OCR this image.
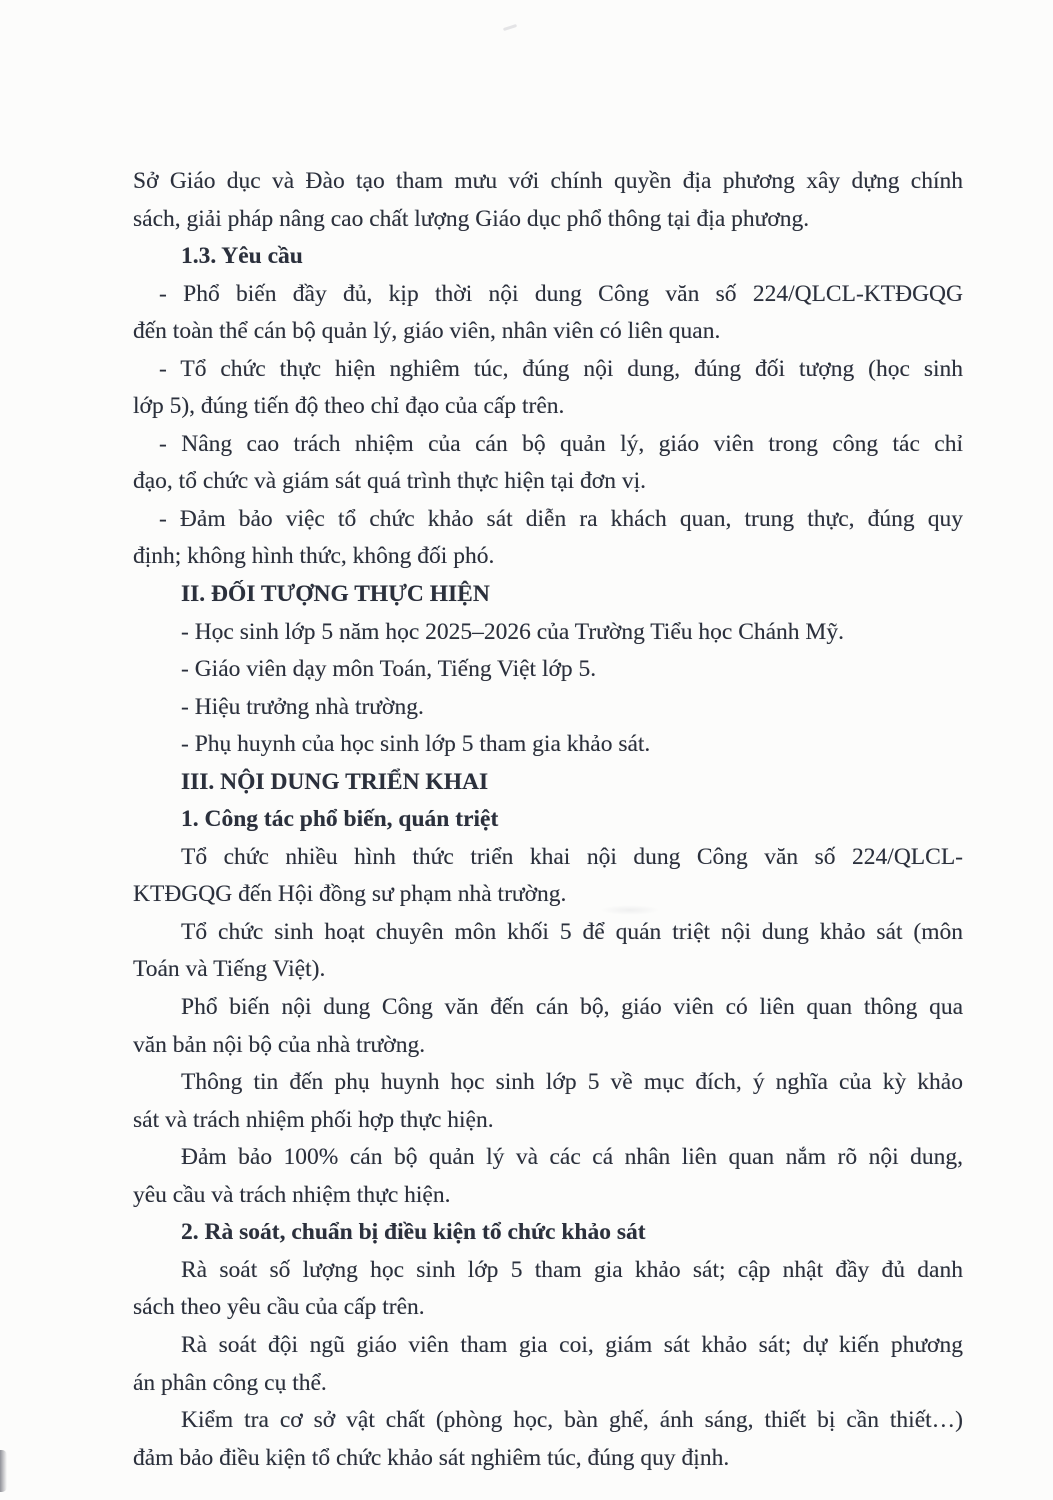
Sở Giáo dục và Đào tạo tham mưu với chính quyền địa phương xây dựng chính
sách, giải pháp nâng cao chất lượng Giáo dục phổ thông tại địa phương.
1.3. Yêu cầu
- Phổ biến đầy đủ, kịp thời nội dung Công văn số 224/QLCL-KTĐGQG
đến toàn thể cán bộ quản lý, giáo viên, nhân viên có liên quan.
- Tổ chức thực hiện nghiêm túc, đúng nội dung, đúng đối tượng (học sinh
lớp 5), đúng tiến độ theo chỉ đạo của cấp trên.
- Nâng cao trách nhiệm của cán bộ quản lý, giáo viên trong công tác chỉ
đạo, tổ chức và giám sát quá trình thực hiện tại đơn vị.
- Đảm bảo việc tổ chức khảo sát diễn ra khách quan, trung thực, đúng quy
định; không hình thức, không đối phó.
II. ĐỐI TƯỢNG THỰC HIỆN
- Học sinh lớp 5 năm học 2025–2026 của Trường Tiểu học Chánh Mỹ.
- Giáo viên dạy môn Toán, Tiếng Việt lớp 5.
- Hiệu trưởng nhà trường.
- Phụ huynh của học sinh lớp 5 tham gia khảo sát.
III. NỘI DUNG TRIỂN KHAI
1. Công tác phổ biến, quán triệt
Tổ chức nhiều hình thức triển khai nội dung Công văn số 224/QLCL-
KTĐGQG đến Hội đồng sư phạm nhà trường.
Tổ chức sinh hoạt chuyên môn khối 5 để quán triệt nội dung khảo sát (môn
Toán và Tiếng Việt).
Phổ biến nội dung Công văn đến cán bộ, giáo viên có liên quan thông qua
văn bản nội bộ của nhà trường.
Thông tin đến phụ huynh học sinh lớp 5 về mục đích, ý nghĩa của kỳ khảo
sát và trách nhiệm phối hợp thực hiện.
Đảm bảo 100% cán bộ quản lý và các cá nhân liên quan nắm rõ nội dung,
yêu cầu và trách nhiệm thực hiện.
2. Rà soát, chuẩn bị điều kiện tổ chức khảo sát
Rà soát số lượng học sinh lớp 5 tham gia khảo sát; cập nhật đầy đủ danh
sách theo yêu cầu của cấp trên.
Rà soát đội ngũ giáo viên tham gia coi, giám sát khảo sát; dự kiến phương
án phân công cụ thể.
Kiểm tra cơ sở vật chất (phòng học, bàn ghế, ánh sáng, thiết bị cần thiết…)
đảm bảo điều kiện tổ chức khảo sát nghiêm túc, đúng quy định.
